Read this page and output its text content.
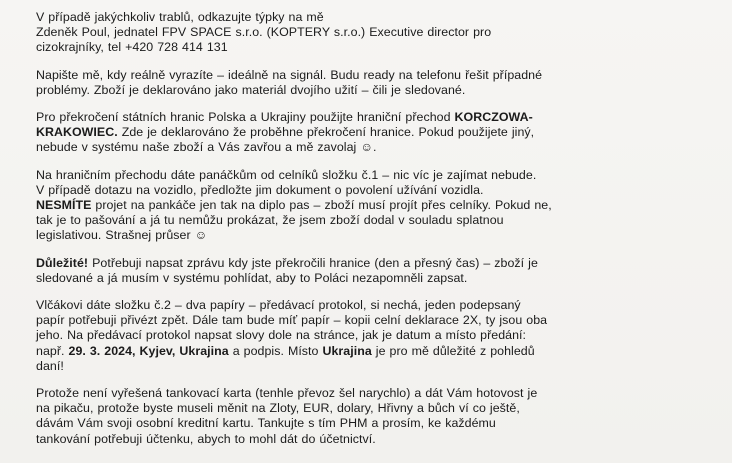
V případě jakýchkoliv trablů, odkazujte týpky na mě
Zdeněk Poul, jednatel FPV SPACE s.r.o. (KOPTERY s.r.o.) Executive director pro
cizokrajníky, tel +420 728 414 131

Napište mě, kdy reálně vyrazíte – ideálně na signál. Budu ready na telefonu řešit případné
problémy. Zboží je deklarováno jako materiál dvojího užití – čili je sledované.

Pro překročení státních hranic Polska a Ukrajiny použijte hraniční přechod KORCZOWA-
KRAKOWIEC. Zde je deklarováno že proběhne překročení hranice. Pokud použijete jiný,
nebude v systému naše zboží a Vás zavřou a mě zavolaj ☺.

Na hraničním přechodu dáte panáčkům od celníků složku č.1 – nic víc je zajímat nebude.
V případě dotazu na vozidlo, předložte jim dokument o povolení užívání vozidla.
NESMÍTE projet na pankáče jen tak na diplo pas – zboží musí projít přes celníky. Pokud ne,
tak je to pašování a já tu nemůžu prokázat, že jsem zboží dodal v souladu splatnou
legislativou. Strašnej průser ☺

Důležité! Potřebuji napsat zprávu kdy jste překročili hranice (den a přesný čas) – zboží je
sledované a já musím v systému pohlídat, aby to Poláci nezapomněli zapsat.

Vlčákovi dáte složku č.2 – dva papíry – předávací protokol, si nechá, jeden podepsaný
papír potřebuji přivézt zpět. Dále tam bude míť papír – kopii celní deklarace 2X, ty jsou oba
jeho. Na předávací protokol napsat slovy dole na stránce, jak je datum a místo předání:
např. 29. 3. 2024, Kyjev, Ukrajina a podpis. Místo Ukrajina je pro mě důležité z pohledů
daní!

Protože není vyřešená tankovací karta (tenhle převoz šel narychlo) a dát Vám hotovost je
na pikaču, protože byste museli měnit na Zloty, EUR, dolary, Hřivny a bůch ví co ještě,
dávám Vám svoji osobní kreditní kartu. Tankujte s tím PHM a prosím, ke každému
tankování potřebuji účtenku, abych to mohl dát do účetnictví.
